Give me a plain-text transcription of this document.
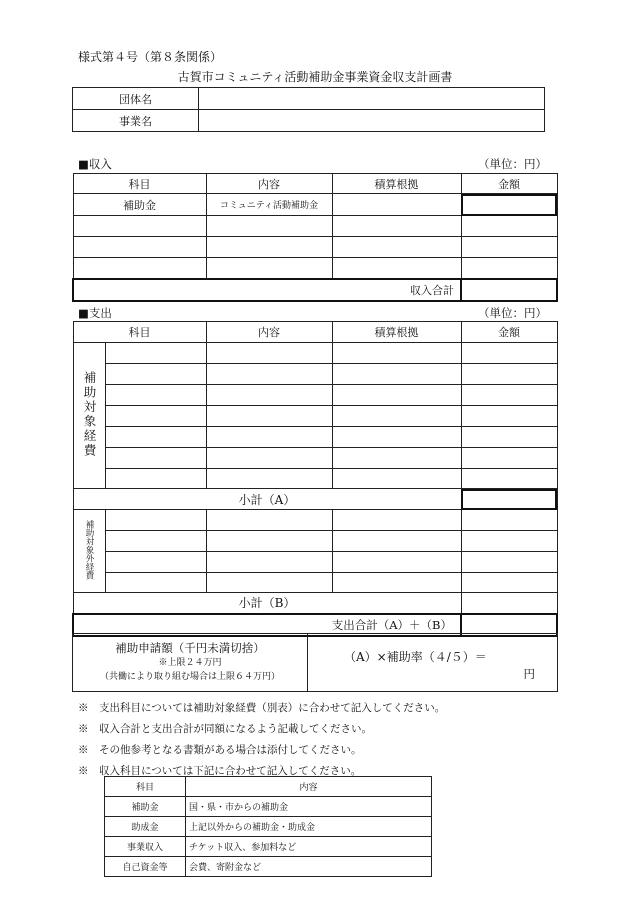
様式第４号（第８条関係）
古賀市コミュニティ活動補助金事業資金収支計画書
団体名	
事業名	
■収入	（単位：円）
科目	内容	積算根拠	金額
補助金	コミュニティ活動補助金		

収入合計			
■支出	（単位：円）
科目		内容	積算根拠	金額
補助対象経費				

小計（A）				
補助対象外経費				

小計（B）				
支出合計（A）＋（B）				
補助申請額（千円未満切捨）
※上限２４万円
（共働により取り組む場合は上限６４万円）

（A）×補助率（４/５）＝
円
※　支出科目については補助対象経費（別表）に合わせて記入してください。
※　収入合計と支出合計が同額になるよう記載してください。
※　その他参考となる書類がある場合は添付してください。
※　収入科目については下記に合わせて記入してください。
科目	内容
補助金	国・県・市からの補助金
助成金	上記以外からの補助金・助成金
事業収入	チケット収入、参加料など
自己資金等	会費、寄附金など
